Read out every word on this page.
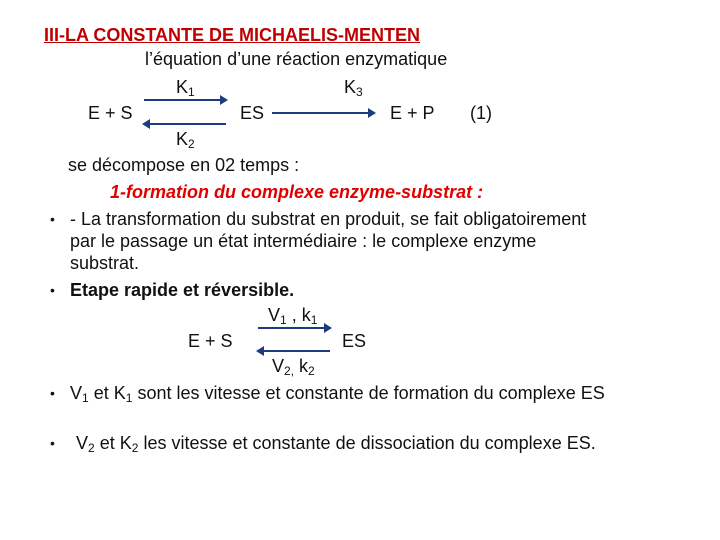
III-LA CONSTANTE DE MICHAELIS-MENTEN
l’équation d’une réaction enzymatique
$K_1$	$K_3$
E + S	ES	E + P (1)
$K_2$
se décompose en 02 temps :
1-formation du complexe enzyme-substrat :
• - La transformation du substrat en produit, se fait obligatoirement
par le passage un état intermédiaire : le complexe enzyme
substrat.
• Etape rapide et réversible.
$V_1$ , $k_1$
E + S	ES
$V_{2,}$ $k_2$
• $V_1$ et $K_1$ sont les vitesse et constante de formation du complexe ES
• $V_2$ et $K_2$ les vitesse et constante de dissociation du complexe ES.
